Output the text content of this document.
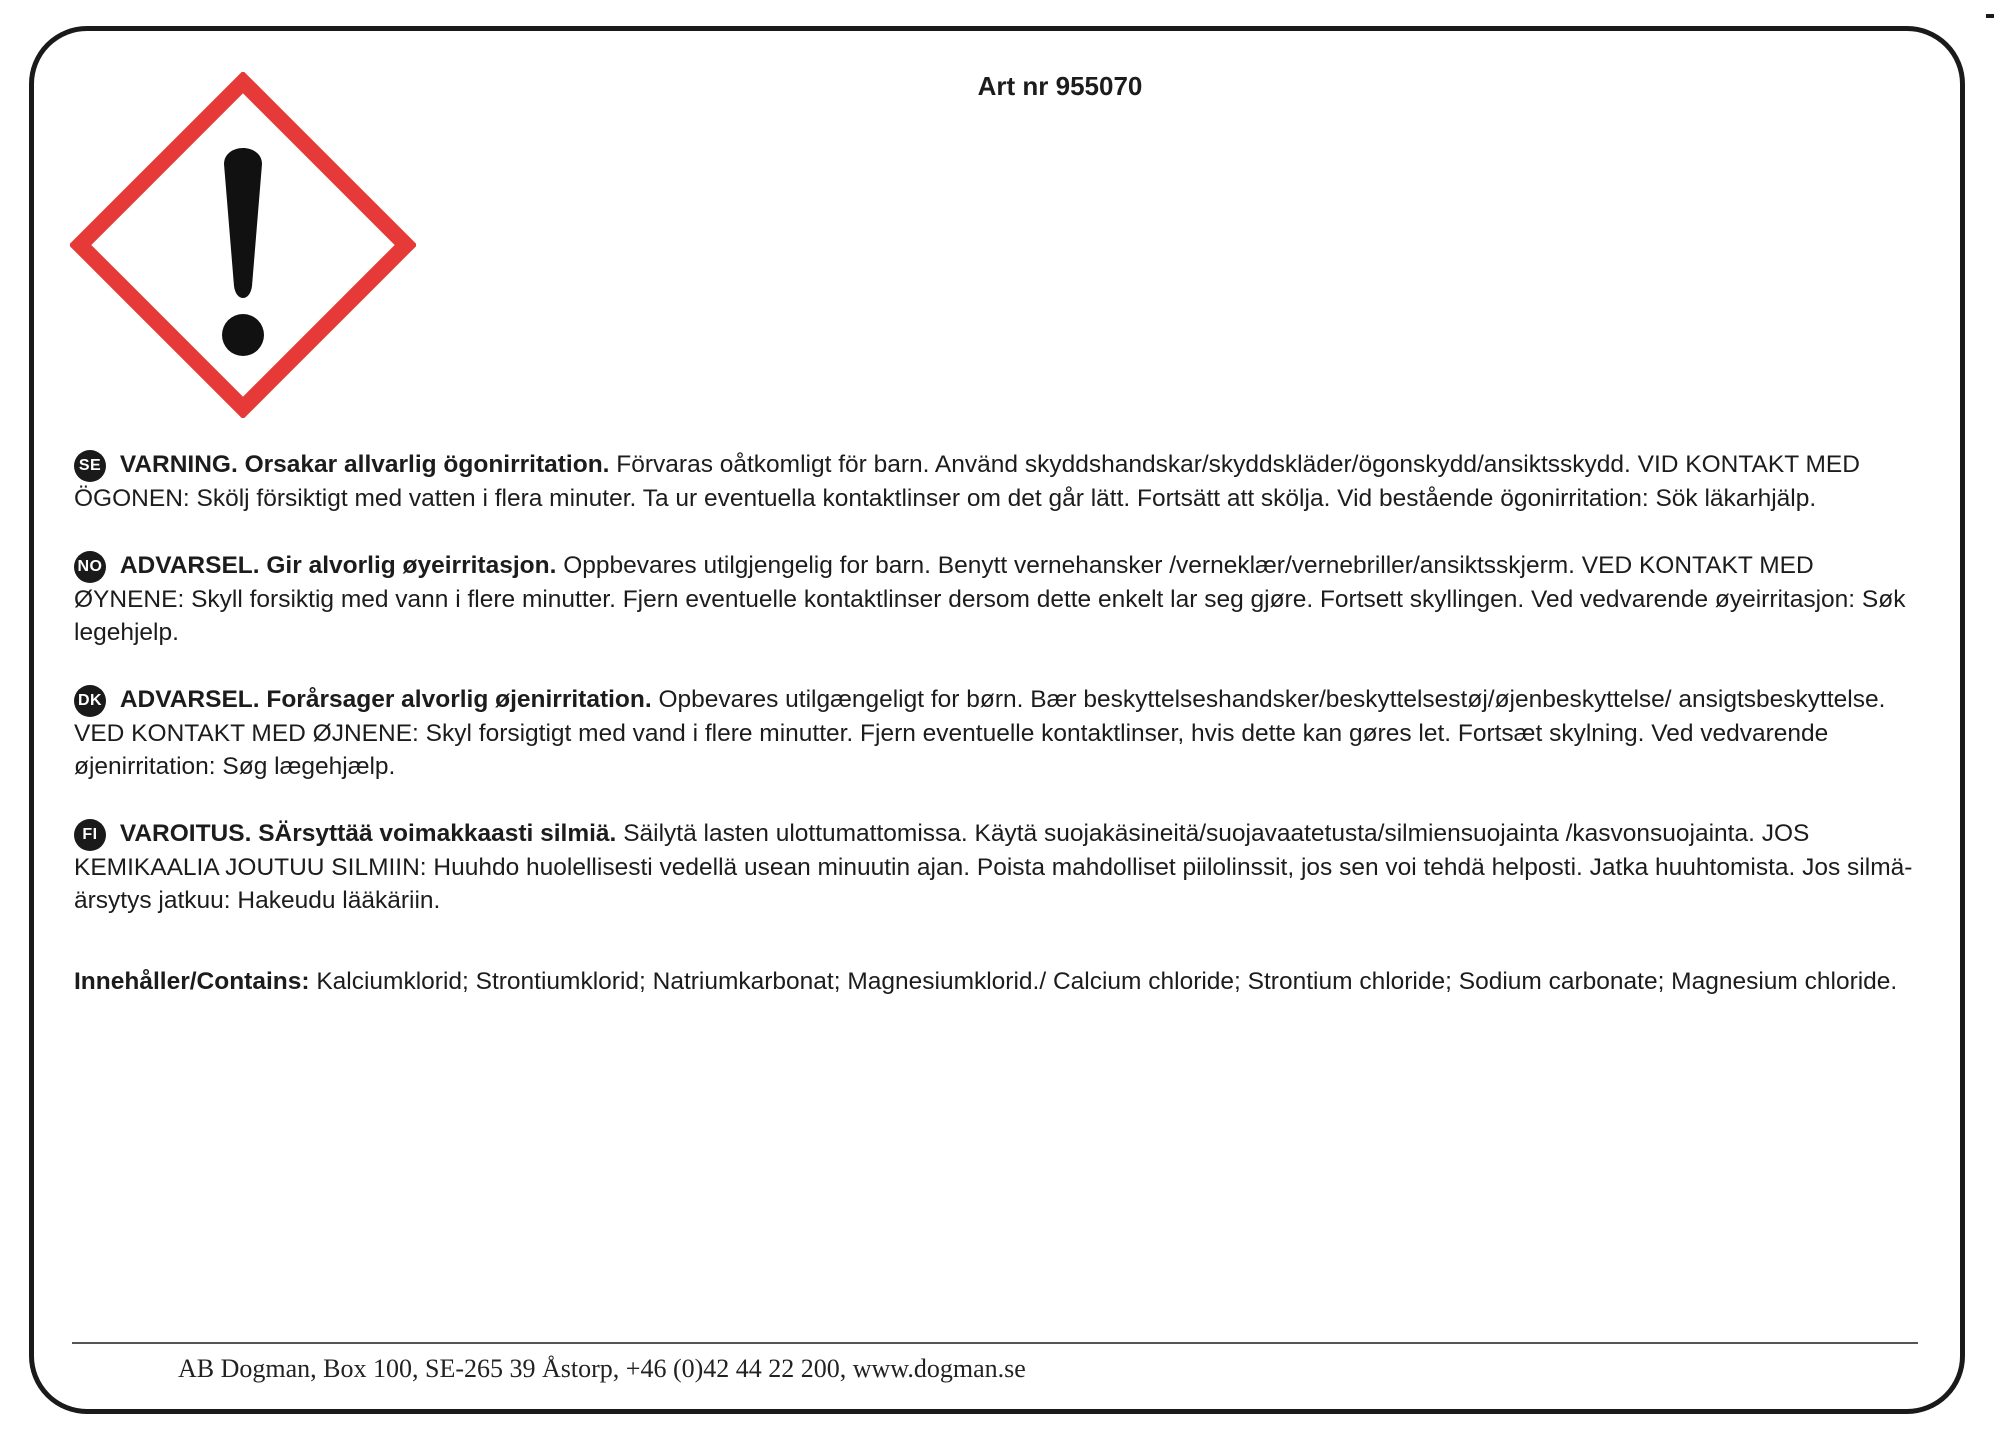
Art nr 955070

SE VARNING. Orsakar allvarlig ögonirritation. Förvaras oåtkomligt för barn. Använd skyddshandskar/skyddskläder/ögonskydd/ansiktsskydd. VID KONTAKT MED ÖGONEN: Skölj försiktigt med vatten i flera minuter. Ta ur eventuella kontaktlinser om det går lätt. Fortsätt att skölja. Vid bestående ögonirritation: Sök läkarhjälp.

NO ADVARSEL. Gir alvorlig øyeirritasjon. Oppbevares utilgjengelig for barn. Benytt vernehansker /verneklær/vernebriller/ansiktsskjerm. VED KONTAKT MED ØYNENE: Skyll forsiktig med vann i flere minutter. Fjern eventuelle kontaktlinser dersom dette enkelt lar seg gjøre. Fortsett skyllingen. Ved vedvarende øyeirritasjon: Søk legehjelp.

DK ADVARSEL. Forårsager alvorlig øjenirritation. Opbevares utilgængeligt for børn. Bær beskyttelseshandsker/beskyttelsestøj/øjenbeskyttelse/ ansigtsbeskyttelse. VED KONTAKT MED ØJNENE: Skyl forsigtigt med vand i flere minutter. Fjern eventuelle kontaktlinser, hvis dette kan gøres let. Fortsæt skylning. Ved vedvarende øjenirritation: Søg lægehjælp.

FI VAROITUS. SÄrsyttää voimakkaasti silmiä. Säilytä lasten ulottumattomissa. Käytä suojakäsineitä/suojavaatetusta/silmiensuojainta /kasvonsuojainta. JOS KEMIKAALIA JOUTUU SILMIIN: Huuhdo huolellisesti vedellä usean minuutin ajan. Poista mahdolliset piilolinssit, jos sen voi tehdä helposti. Jatka huuhtomista. Jos silmä-ärsytys jatkuu: Hakeudu lääkäriin.

Innehåller/Contains: Kalciumklorid; Strontiumklorid; Natriumkarbonat; Magnesiumklorid./ Calcium chloride; Strontium chloride; Sodium carbonate; Magnesium chloride.
AB Dogman, Box 100, SE-265 39 Åstorp, +46 (0)42 44 22 200, www.dogman.se
